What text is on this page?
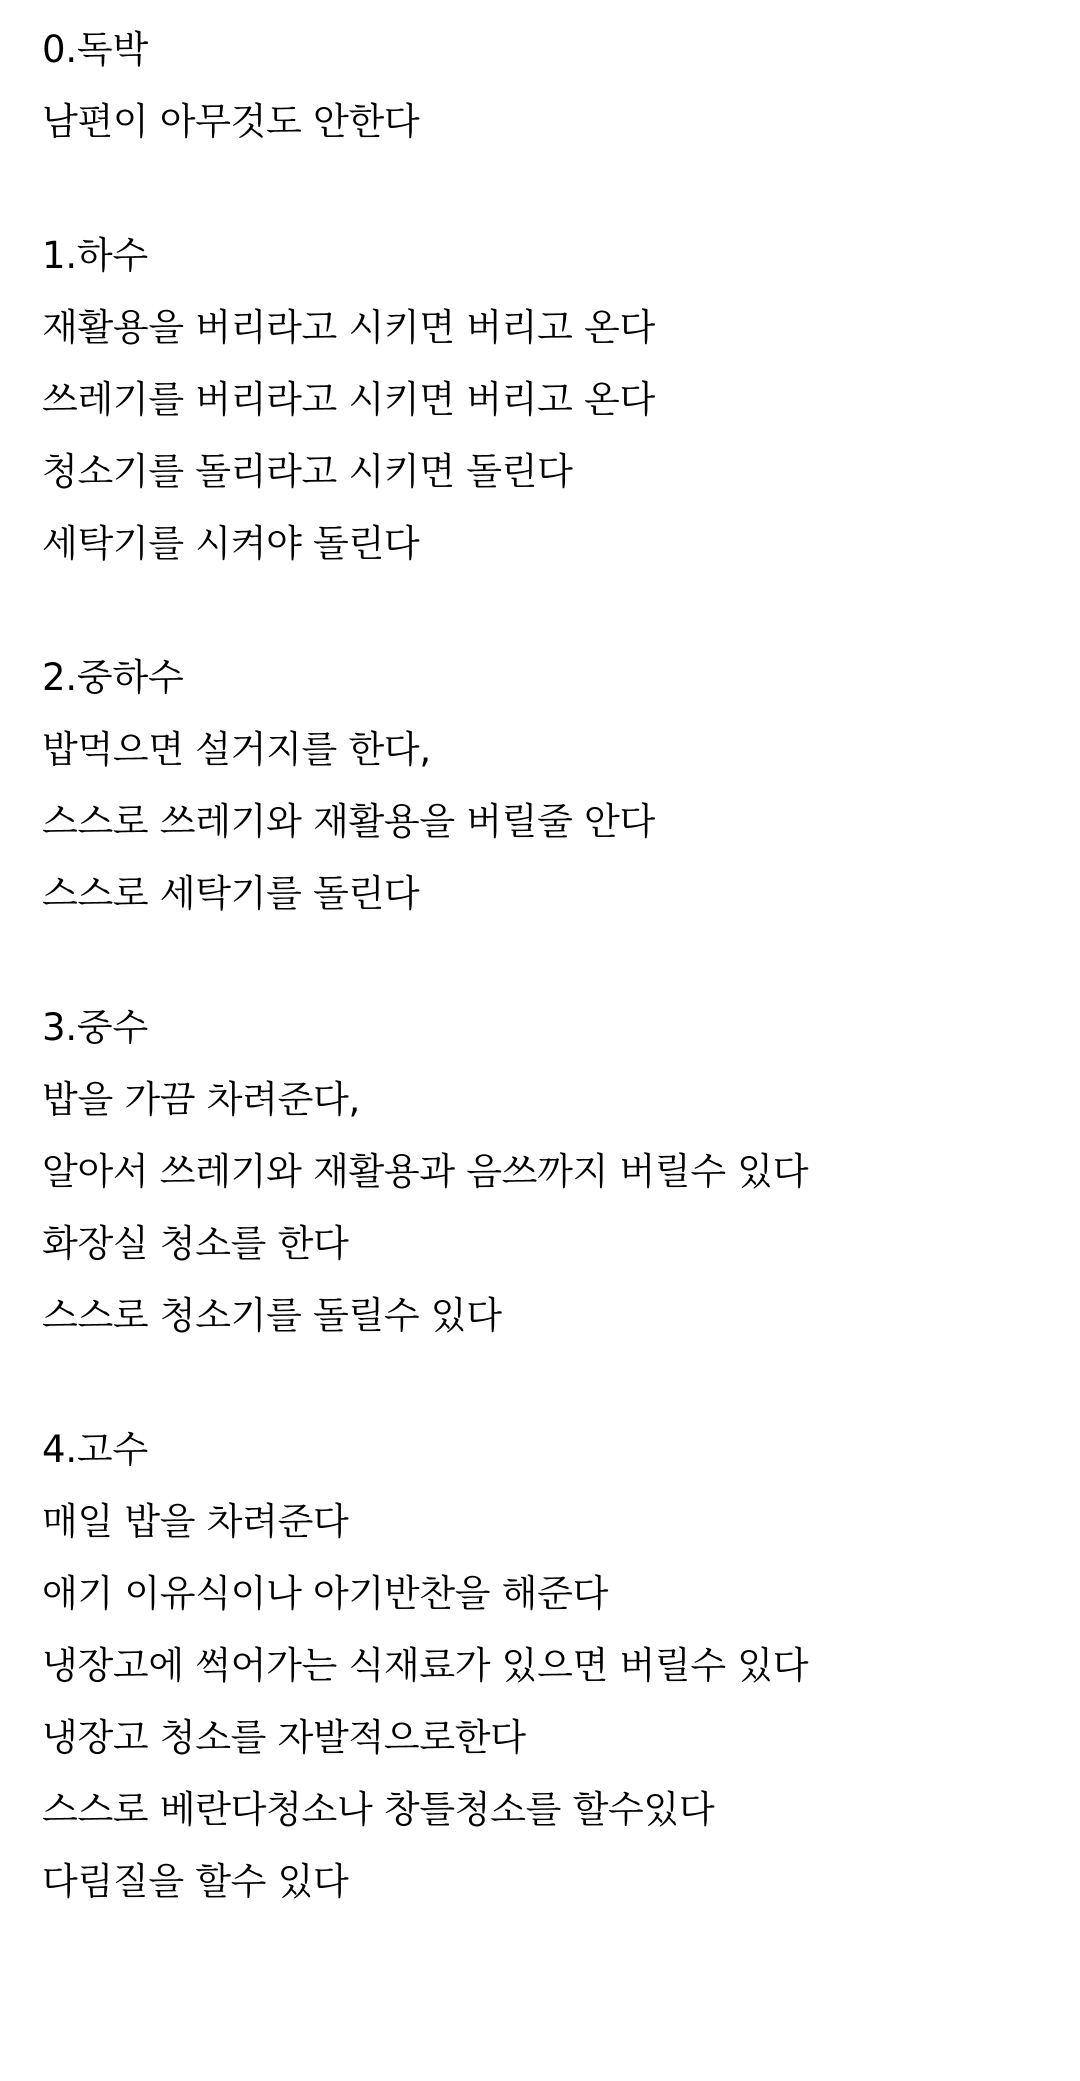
0.독박
남편이 아무것도 안한다
1.하수
재활용을 버리라고 시키면 버리고 온다
쓰레기를 버리라고 시키면 버리고 온다
청소기를 돌리라고 시키면 돌린다
세탁기를 시켜야 돌린다
2.중하수
밥먹으면 설거지를 한다,
스스로 쓰레기와 재활용을 버릴줄 안다
스스로 세탁기를 돌린다
3.중수
밥을 가끔 차려준다,
알아서 쓰레기와 재활용과 음쓰까지 버릴수 있다
화장실 청소를 한다
스스로 청소기를 돌릴수 있다
4.고수
매일 밥을 차려준다
애기 이유식이나 아기반찬을 해준다
냉장고에 썩어가는 식재료가 있으면 버릴수 있다
냉장고 청소를 자발적으로한다
스스로 베란다청소나 창틀청소를 할수있다
다림질을 할수 있다
